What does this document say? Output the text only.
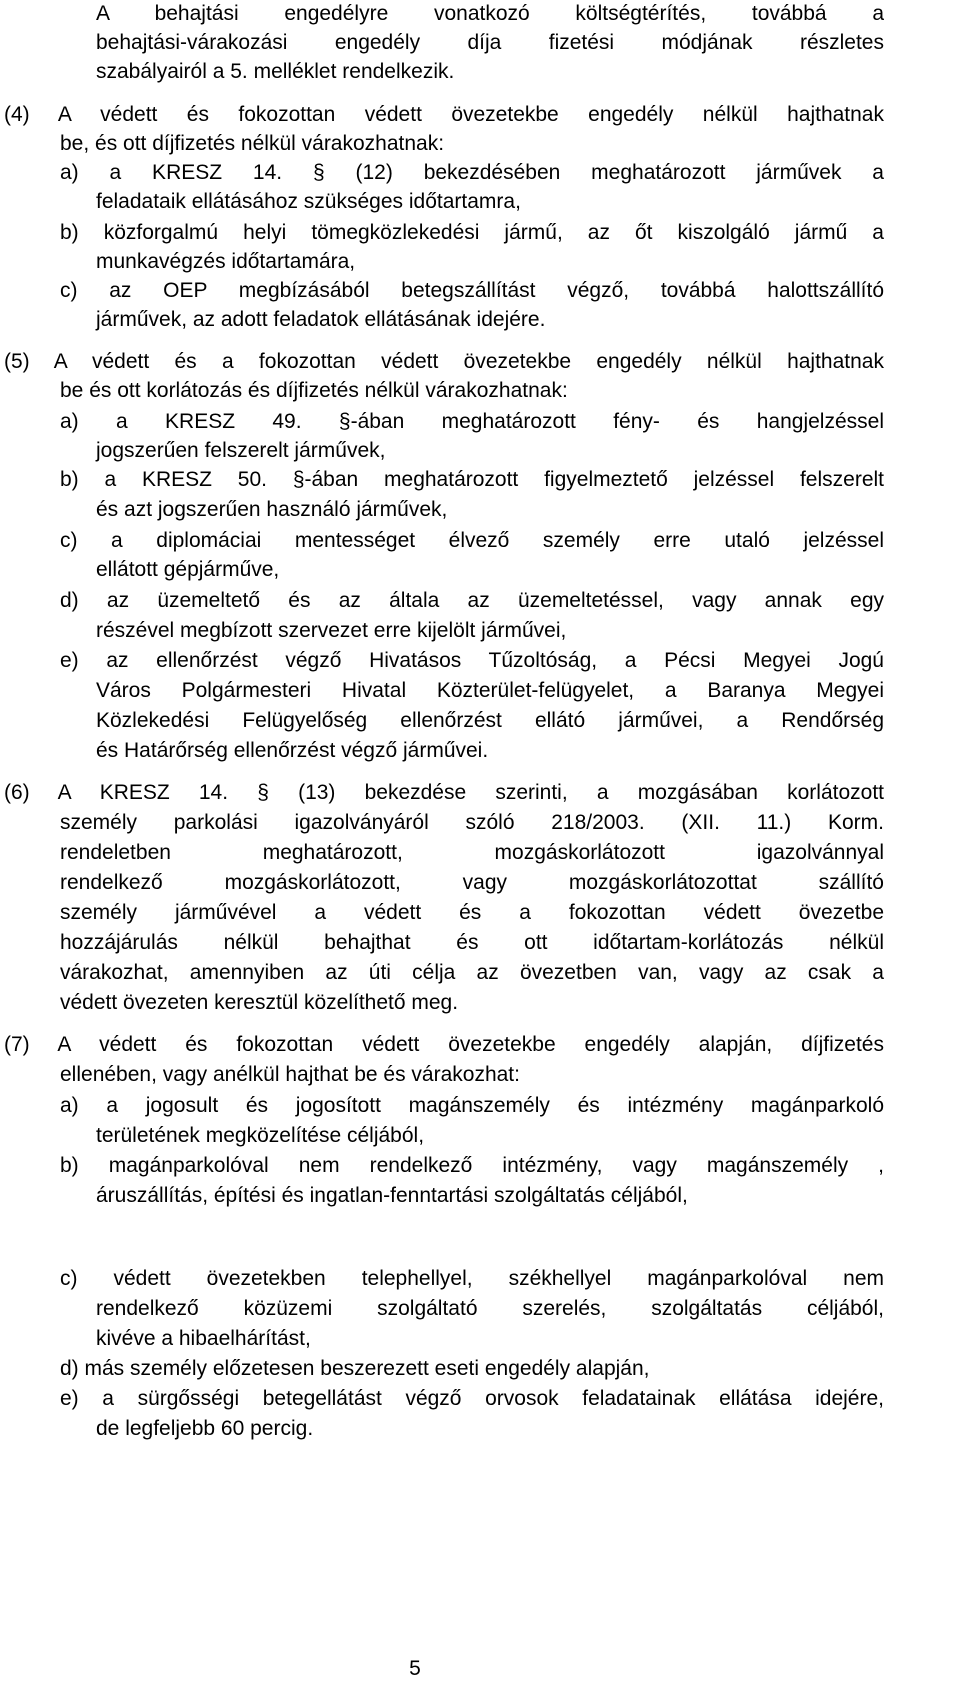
A behajtási engedélyre vonatkozó költségtérítés, továbbá a
behajtási-várakozási engedély díja fizetési módjának részletes
szabályairól a 5. melléklet rendelkezik.
(4) A védett és fokozottan védett övezetekbe engedély nélkül hajthatnak
be, és ott díjfizetés nélkül várakozhatnak:
a) a KRESZ 14. § (12) bekezdésében meghatározott járművek a
feladataik ellátásához szükséges időtartamra,
b) közforgalmú helyi tömegközlekedési jármű, az őt kiszolgáló jármű a
munkavégzés időtartamára,
c) az OEP megbízásából betegszállítást végző, továbbá halottszállító
járművek, az adott feladatok ellátásának idejére.
(5) A védett és a fokozottan védett övezetekbe engedély nélkül hajthatnak
be és ott korlátozás és díjfizetés nélkül várakozhatnak:
a) a KRESZ 49. §-ában meghatározott fény- és hangjelzéssel
jogszerűen felszerelt járművek,
b) a KRESZ 50. §-ában meghatározott figyelmeztető jelzéssel felszerelt
és azt jogszerűen használó járművek,
c) a diplomáciai mentességet élvező személy erre utaló jelzéssel
ellátott gépjárműve,
d) az üzemeltető és az általa az üzemeltetéssel, vagy annak egy
részével megbízott szervezet erre kijelölt járművei,
e) az ellenőrzést végző Hivatásos Tűzoltóság, a Pécsi Megyei Jogú
Város Polgármesteri Hivatal Közterület-felügyelet, a Baranya Megyei
Közlekedési Felügyelőség ellenőrzést ellátó járművei, a Rendőrség
és Határőrség ellenőrzést végző járművei.
(6) A KRESZ 14. § (13) bekezdése szerinti, a mozgásában korlátozott
személy parkolási igazolványáról szóló 218/2003. (XII. 11.) Korm.
rendeletben meghatározott, mozgáskorlátozott igazolvánnyal
rendelkező mozgáskorlátozott, vagy mozgáskorlátozottat szállító
személy járművével a védett és a fokozottan védett övezetbe
hozzájárulás nélkül behajthat és ott időtartam-korlátozás nélkül
várakozhat, amennyiben az úti célja az övezetben van, vagy az csak a
védett övezeten keresztül közelíthető meg.
(7) A védett és fokozottan védett övezetekbe engedély alapján, díjfizetés
ellenében, vagy anélkül hajthat be és várakozhat:
a) a jogosult és jogosított magánszemély és intézmény magánparkoló
területének megközelítése céljából,
b) magánparkolóval nem rendelkező intézmény, vagy magánszemély ,
áruszállítás, építési és ingatlan-fenntartási szolgáltatás céljából,
c) védett övezetekben telephellyel, székhellyel magánparkolóval nem
rendelkező közüzemi szolgáltató szerelés, szolgáltatás céljából,
kivéve a hibaelhárítást,
d) más személy előzetesen beszerezett eseti engedély alapján,
e) a sürgősségi betegellátást végző orvosok feladatainak ellátása idejére,
de legfeljebb 60 percig.
5
